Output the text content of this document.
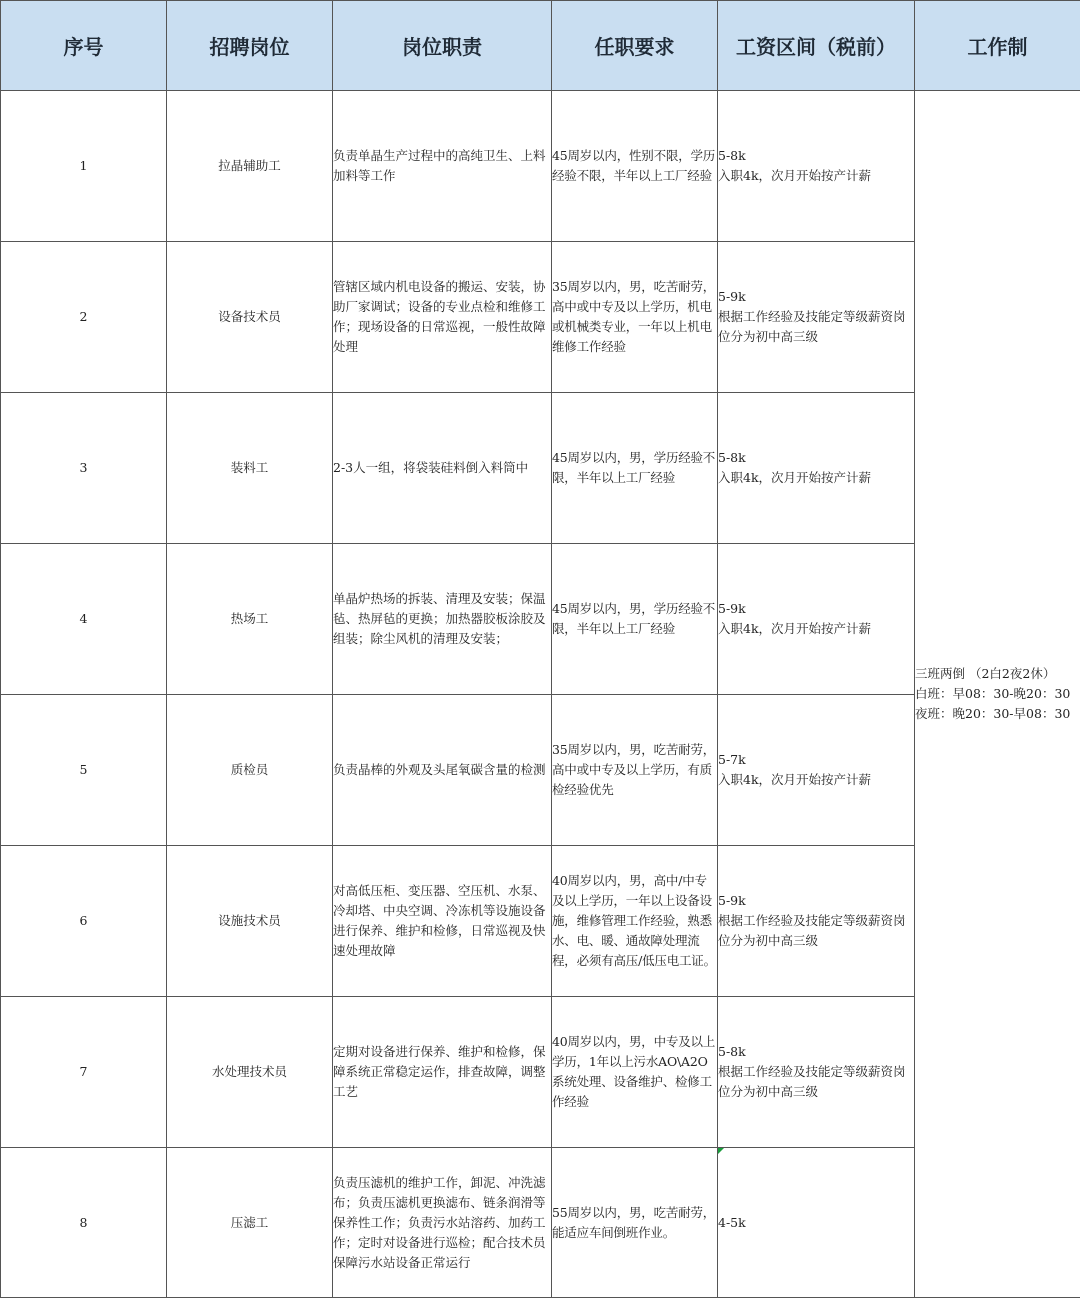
序号	招聘岗位	岗位职责	任职要求	工资区间（税前）	工作制
1	拉晶辅助工	负责单晶生产过程中的高纯卫生、上料加料等工作	45周岁以内，性别不限，学历经验不限，半年以上工厂经验	5-8k
入职4k，次月开始按产计薪	三班两倒 （2白2夜2休）
白班：早08：30-晚20：30
夜班：晚20：30-早08：30

2	设备技术员	管辖区域内机电设备的搬运、安装，协助厂家调试；设备的专业点检和维修工作；现场设备的日常巡视，一般性故障处理	35周岁以内，男，吃苦耐劳，高中或中专及以上学历，机电或机械类专业，一年以上机电维修工作经验	5-9k
根据工作经验及技能定等级薪资岗位分为初中高三级	
3	装料工	2-3人一组，将袋装硅料倒入料筒中	45周岁以内，男，学历经验不限，半年以上工厂经验	5-8k
入职4k，次月开始按产计薪	

4	热场工	单晶炉热场的拆装、清理及安装；保温毡、热屏毡的更换；加热器胶板涂胶及组装；除尘风机的清理及安装；	45周岁以内，男，学历经验不限，半年以上工厂经验	5-9k
入职4k，次月开始按产计薪	

5	质检员	负责晶棒的外观及头尾氧碳含量的检测	35周岁以内，男，吃苦耐劳，高中或中专及以上学历，有质检经验优先	5-7k
入职4k，次月开始按产计薪	

6	设施技术员	对高低压柜、变压器、空压机、水泵、冷却塔、中央空调、冷冻机等设施设备进行保养、维护和检修，日常巡视及快速处理故障	40周岁以内，男，高中/中专及以上学历，一年以上设备设施，维修管理工作经验，熟悉水、电、暖、通故障处理流程，必须有高压/低压电工证。	5-9k
根据工作经验及技能定等级薪资岗位分为初中高三级	
7	水处理技术员	定期对设备进行保养、维护和检修，保障系统正常稳定运作，排查故障，调整工艺	40周岁以内，男，中专及以上学历，1年以上污水AO\A2O系统处理、设备维护、检修工作经验	5-8k
根据工作经验及技能定等级薪资岗位分为初中高三级	
8	压滤工	负责压滤机的维护工作，卸泥、冲洗滤布；负责压滤机更换滤布、链条润滑等保养性工作；负责污水站溶药、加药工作；定时对设备进行巡检；配合技术员保障污水站设备正常运行	55周岁以内，男，吃苦耐劳，能适应车间倒班作业。	4-5k	
